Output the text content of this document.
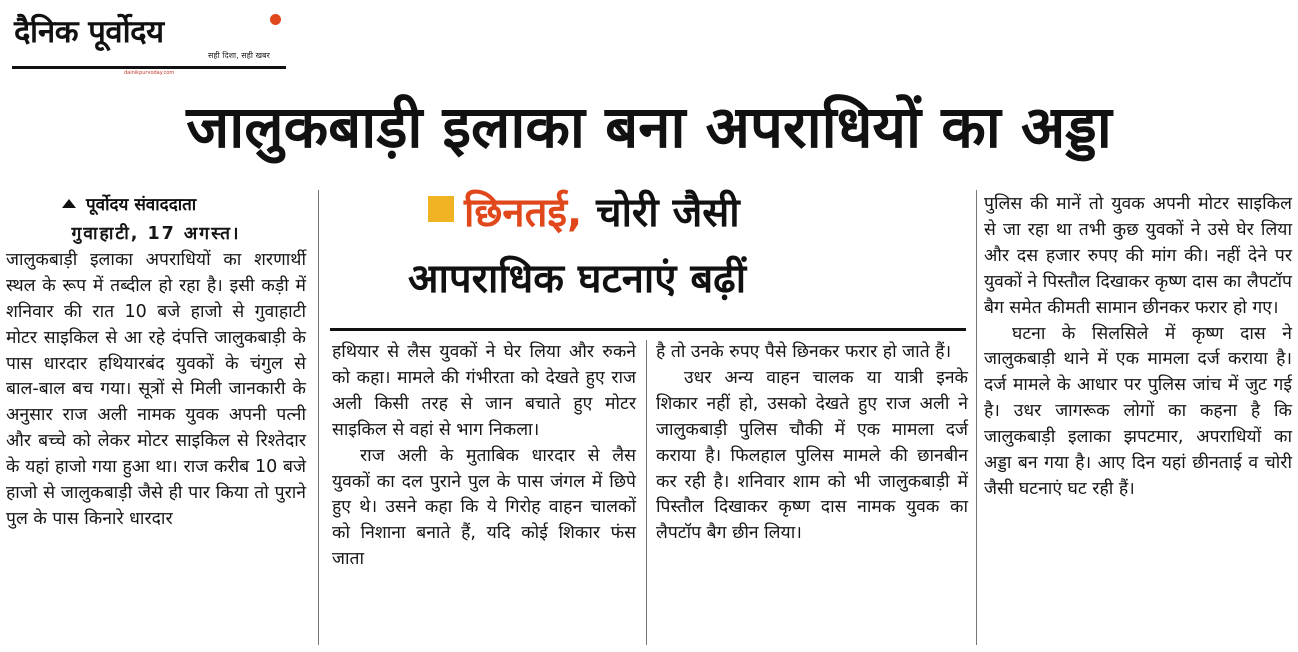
दैनिक पूर्वोदय
सही दिशा, सही खबर
dainikpurvoday.com
जालुकबाड़ी इलाका बना अपराधियों का अड्डा
पूर्वोदय संवाददाता

गुवाहाटी, 17 अगस्त।

जालुकबाड़ी इलाका अपराधियों का शरणार्थी स्थल के रूप में तब्दील हो रहा है। इसी कड़ी में शनिवार की रात 10 बजे हाजो से गुवाहाटी मोटर साइकिल से आ रहे दंपत्ति जालुकबाड़ी के पास धारदार हथियारबंद युवकों के चंगुल से बाल-बाल बच गया। सूत्रों से मिली जानकारी के अनुसार राज अली नामक युवक अपनी पत्नी और बच्चे को लेकर मोटर साइकिल से रिश्तेदार के यहां हाजो गया हुआ था। राज करीब 10 बजे हाजो से जालुकबाड़ी जैसे ही पार किया तो पुराने पुल के पास किनारे धारदार

छिनतई, चोरी जैसी
आपराधिक घटनाएं बढ़ीं

हथियार से लैस युवकों ने घेर लिया और रुकने को कहा। मामले की गंभीरता को देखते हुए राज अली किसी तरह से जान बचाते हुए मोटर साइकिल से वहां से भाग निकला।

राज अली के मुताबिक धारदार से लैस युवकों का दल पुराने पुल के पास जंगल में छिपे हुए थे। उसने कहा कि ये गिरोह वाहन चालकों को निशाना बनाते हैं, यदि कोई शिकार फंस जाता

है तो उनके रुपए पैसे छिनकर फरार हो जाते हैं।

उधर अन्य वाहन चालक या यात्री इनके शिकार नहीं हो, उसको देखते हुए राज अली ने जालुकबाड़ी पुलिस चौकी में एक मामला दर्ज कराया है। फिलहाल पुलिस मामले की छानबीन कर रही है। शनिवार शाम को भी जालुकबाड़ी में पिस्तौल दिखाकर कृष्ण दास नामक युवक का लैपटॉप बैग छीन लिया।

पुलिस की मानें तो युवक अपनी मोटर साइकिल से जा रहा था तभी कुछ युवकों ने उसे घेर लिया और दस हजार रुपए की मांग की। नहीं देने पर युवकों ने पिस्तौल दिखाकर कृष्ण दास का लैपटॉप बैग समेत कीमती सामान छीनकर फरार हो गए।

घटना के सिलसिले में कृष्ण दास ने जालुकबाड़ी थाने में एक मामला दर्ज कराया है। दर्ज मामले के आधार पर पुलिस जांच में जुट गई है। उधर जागरूक लोगों का कहना है कि जालुकबाड़ी इलाका झपटमार, अपराधियों का अड्डा बन गया है। आए दिन यहां छीनताई व चोरी जैसी घटनाएं घट रही हैं।
